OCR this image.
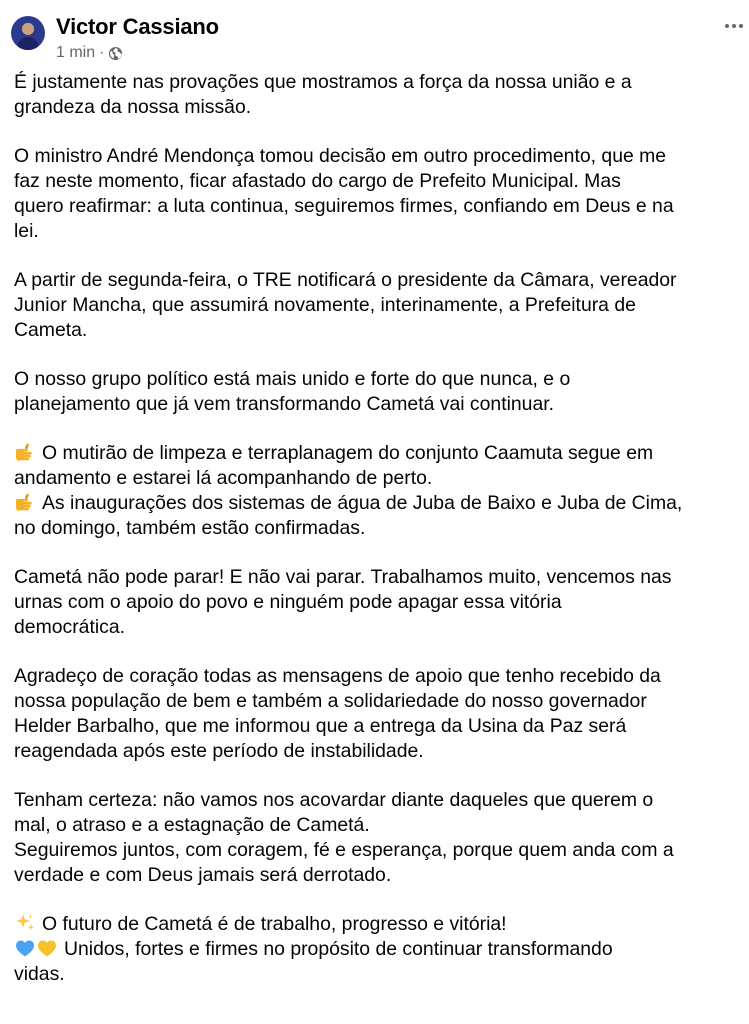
Victor Cassiano
1 min ·

É justamente nas provações que mostramos a força da nossa união e a
grandeza da nossa missão.

O ministro André Mendonça tomou decisão em outro procedimento, que me
faz neste momento, ficar afastado do cargo de Prefeito Municipal. Mas
quero reafirmar: a luta continua, seguiremos firmes, confiando em Deus e na
lei.

A partir de segunda-feira, o TRE notificará o presidente da Câmara, vereador
Junior Mancha, que assumirá novamente, interinamente, a Prefeitura de
Cameta.

O nosso grupo político está mais unido e forte do que nunca, e o
planejamento que já vem transformando Cametá vai continuar.

O mutirão de limpeza e terraplanagem do conjunto Caamuta segue em
andamento e estarei lá acompanhando de perto.
As inaugurações dos sistemas de água de Juba de Baixo e Juba de Cima,
no domingo, também estão confirmadas.

Cametá não pode parar! E não vai parar. Trabalhamos muito, vencemos nas
urnas com o apoio do povo e ninguém pode apagar essa vitória
democrática.

Agradeço de coração todas as mensagens de apoio que tenho recebido da
nossa população de bem e também a solidariedade do nosso governador
Helder Barbalho, que me informou que a entrega da Usina da Paz será
reagendada após este período de instabilidade.

Tenham certeza: não vamos nos acovardar diante daqueles que querem o
mal, o atraso e a estagnação de Cametá.
Seguiremos juntos, com coragem, fé e esperança, porque quem anda com a
verdade e com Deus jamais será derrotado.

O futuro de Cametá é de trabalho, progresso e vitória!
Unidos, fortes e firmes no propósito de continuar transformando
vidas.
